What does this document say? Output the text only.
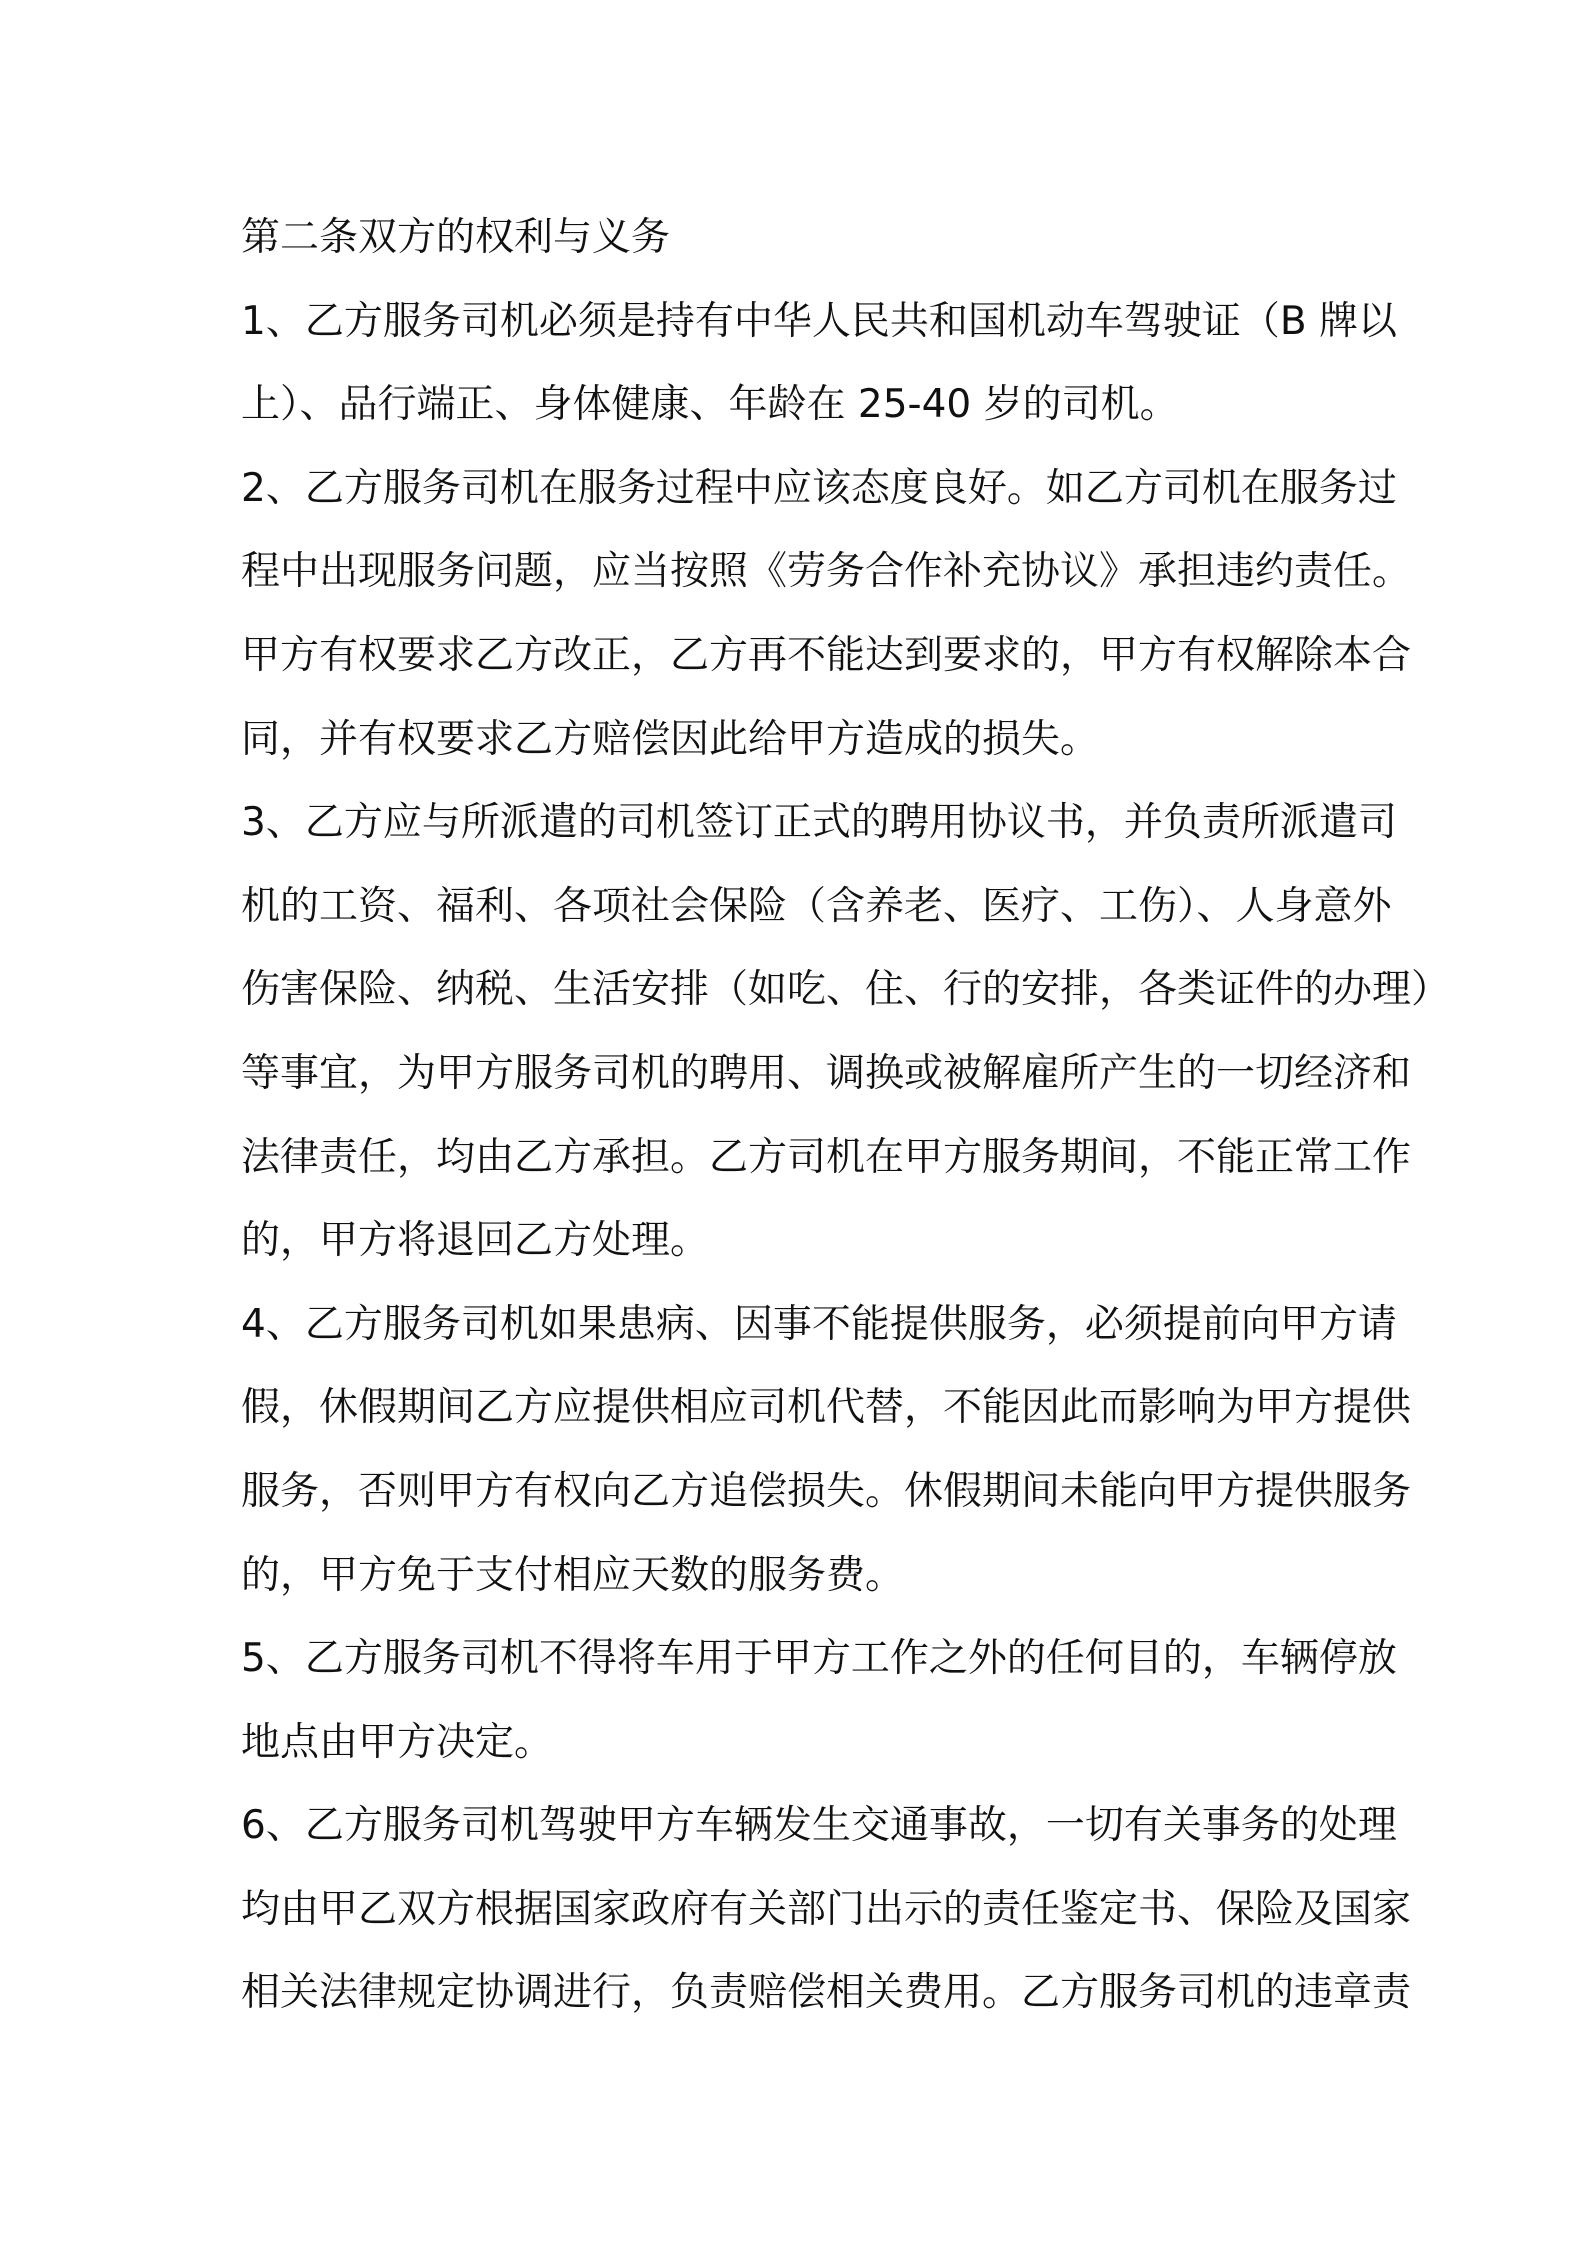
第二条双方的权利与义务
1、乙方服务司机必须是持有中华人民共和国机动车驾驶证（B 牌以
上）、品行端正、身体健康、年龄在 25-40 岁的司机。
2、乙方服务司机在服务过程中应该态度良好。如乙方司机在服务过
程中出现服务问题，应当按照《劳务合作补充协议》承担违约责任。
甲方有权要求乙方改正，乙方再不能达到要求的，甲方有权解除本合
同，并有权要求乙方赔偿因此给甲方造成的损失。
3、乙方应与所派遣的司机签订正式的聘用协议书，并负责所派遣司
机的工资、福利、各项社会保险（含养老、医疗、工伤）、人身意外
伤害保险、纳税、生活安排（如吃、住、行的安排，各类证件的办理）
等事宜，为甲方服务司机的聘用、调换或被解雇所产生的一切经济和
法律责任，均由乙方承担。乙方司机在甲方服务期间，不能正常工作
的，甲方将退回乙方处理。
4、乙方服务司机如果患病、因事不能提供服务，必须提前向甲方请
假，休假期间乙方应提供相应司机代替，不能因此而影响为甲方提供
服务，否则甲方有权向乙方追偿损失。休假期间未能向甲方提供服务
的，甲方免于支付相应天数的服务费。
5、乙方服务司机不得将车用于甲方工作之外的任何目的，车辆停放
地点由甲方决定。
6、乙方服务司机驾驶甲方车辆发生交通事故，一切有关事务的处理
均由甲乙双方根据国家政府有关部门出示的责任鉴定书、保险及国家
相关法律规定协调进行，负责赔偿相关费用。乙方服务司机的违章责
